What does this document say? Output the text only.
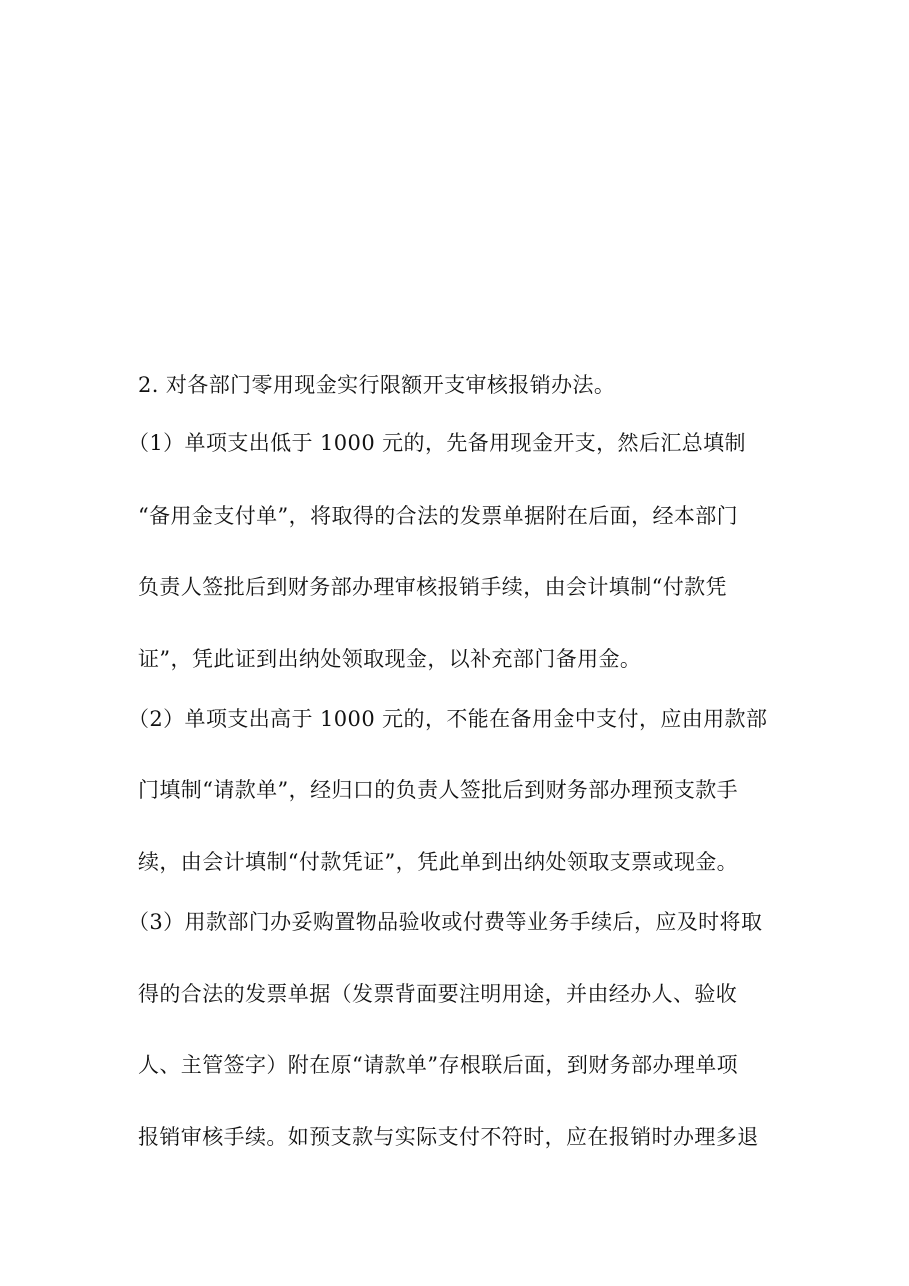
2. 对各部门零用现金实行限额开支审核报销办法。
（1）单项支出低于 1000 元的，先备用现金开支，然后汇总填制
“备用金支付单”，将取得的合法的发票单据附在后面，经本部门
负责人签批后到财务部办理审核报销手续，由会计填制“付款凭
证”，凭此证到出纳处领取现金，以补充部门备用金。
（2）单项支出高于 1000 元的，不能在备用金中支付，应由用款部
门填制“请款单”，经归口的负责人签批后到财务部办理预支款手
续，由会计填制“付款凭证”，凭此单到出纳处领取支票或现金。
（3）用款部门办妥购置物品验收或付费等业务手续后，应及时将取
得的合法的发票单据（发票背面要注明用途，并由经办人、验收
人、主管签字）附在原“请款单”存根联后面，到财务部办理单项
报销审核手续。如预支款与实际支付不符时，应在报销时办理多退
